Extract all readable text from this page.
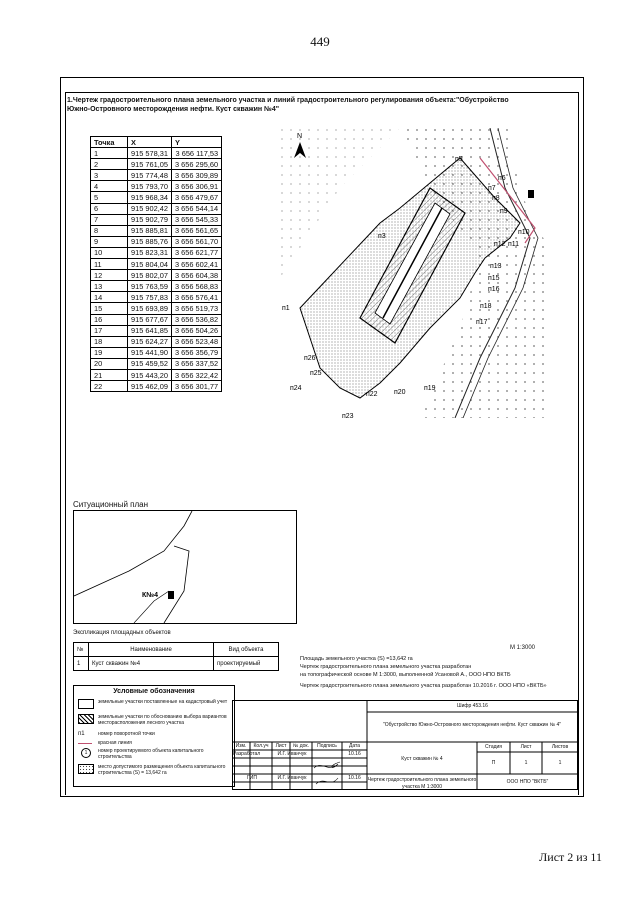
449
1.Чертеж градостроительного плана земельного участка и линий градостроительного регулирования объекта:"Обустройство Южно-Островного месторождения нефти. Куст скважин №4"
Точка	X	Y
1	915 578,31	3 656 117,53
2	915 761,05	3 656 295,60
3	915 774,48	3 656 309,89
4	915 793,70	3 656 306,91
5	915 968,34	3 656 479,67
6	915 902,42	3 656 544,14
7	915 902,79	3 656 545,33
8	915 885,81	3 656 561,65
9	915 885,76	3 656 561,70
10	915 823,31	3 656 621,77
11	915 804,04	3 656 602,41
12	915 802,07	3 656 604,38
13	915 763,59	3 656 568,83
14	915 757,83	3 656 576,41
15	915 693,89	3 656 519,73
16	915 677,67	3 656 536,82
17	915 641,85	3 656 504,26
18	915 624,27	3 656 523,48
19	915 441,90	3 656 356,79
20	915 459,52	3 656 337,52
21	915 443,20	3 656 322,42
22	915 462,09	3 656 301,77
N
п1
п3
п5
п6
п7
п8
п9
п10
п11
п12
п13
п15
п16
п17
п18
п19
п20
п22
п23
п24
п25
п26
Ситуационный план
К№4
Экспликация площадных объектов
№	Наименование	Вид объекта
1	Куст скважин №4	проектируемый
М 1:3000
Площадь земельного участка (S) =13,642 га
Чертеж градостроительного плана земельного участка разработан
на топографической основе М 1:3000, выполненной Усановой А., ООО НПО ВКТБ
Чертеж градостроительного плана земельного участка разработан 10.2016 г. ООО НПО «ВКТБ»
Условные обозначения
земельные участки поставленные на кадастровый учет
земельные участки по обоснованию выбора вариантов месторасположения лесного участка
п1	номер поворотной точки
красная линия
1	номер проектируемого объекта капитального строительства
место допустимого размещения объекта капитального строительства (S) = 13,642 га
Шифр 453.16
"Обустройство Южно-Островного месторождения нефти. Куст скважин № 4"
Куст скважин № 4
Чертеж градостроительного плана земельного участка М 1:3000
ООО НПО "ВКТБ"
Стадия	Лист	Листов
П	1	1
Изм.	Кол.уч	Лист	№ док.	Подпись	Дата
Разработал	И.Г. Иванчук	10.16
ГИП	И.Г. Иванчук	10.16
Лист 2 из 11
